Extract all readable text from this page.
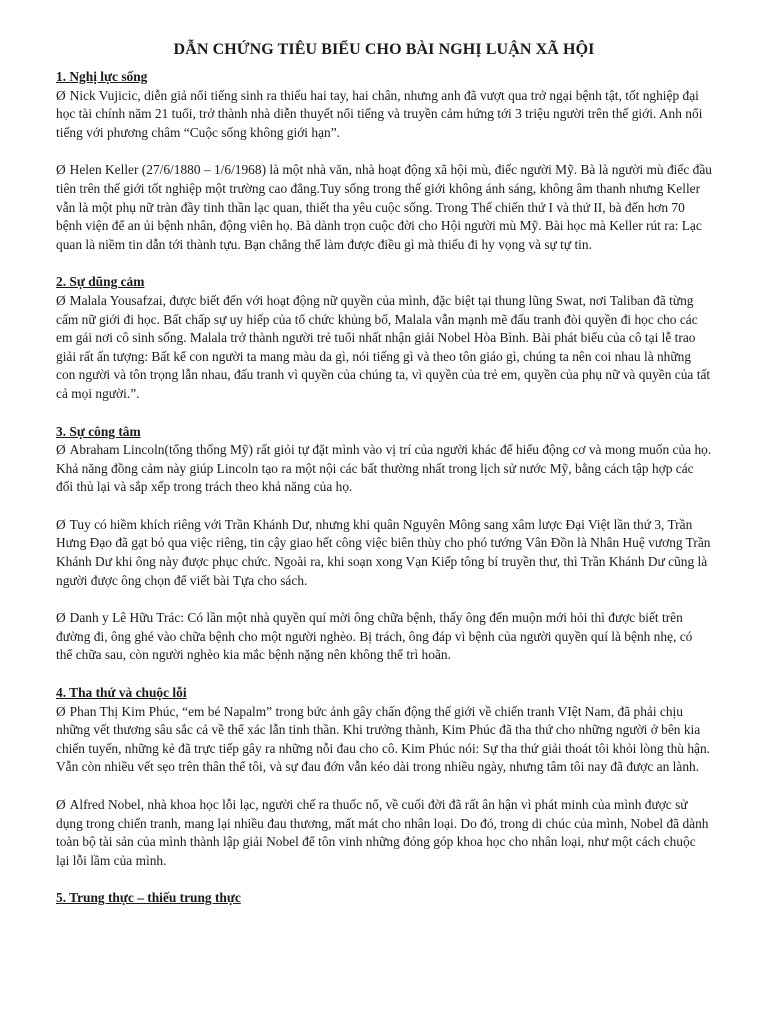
DẪN CHỨNG TIÊU BIỂU CHO BÀI NGHỊ LUẬN XÃ HỘI

1. Nghị lực sống

Ø Nick Vujicic, diễn giả nổi tiếng sinh ra thiếu hai tay, hai chân, nhưng anh đã vượt qua trở ngại bệnh tật, tốt nghiệp đại học tài chính năm 21 tuổi, trở thành nhà diễn thuyết nổi tiếng và truyền cảm hứng tới 3 triệu người trên thế giới. Anh nổi tiếng với phương châm “Cuộc sống không giới hạn”.

Ø Helen Keller (27/6/1880 – 1/6/1968) là một nhà văn, nhà hoạt động xã hội mù, điếc người Mỹ. Bà là người mù điếc đầu tiên trên thế giới tốt nghiệp một trường cao đẳng.Tuy sống trong thế giới không ánh sáng, không âm thanh nhưng Keller vẫn là một phụ nữ tràn đầy tinh thần lạc quan, thiết tha yêu cuộc sống. Trong Thế chiến thứ I và thứ II, bà đến hơn 70 bệnh viện để an ủi bệnh nhân, động viên họ. Bà dành trọn cuộc đời cho Hội người mù Mỹ. Bài học mà Keller rút ra: Lạc quan là niềm tin dẫn tới thành tựu. Bạn chẳng thể làm được điều gì mà thiếu đi hy vọng và sự tự tin.

2. Sự dũng cảm

Ø Malala Yousafzai, được biết đến với hoạt động nữ quyền của mình, đặc biệt tại thung lũng Swat, nơi Taliban đã từng cấm nữ giới đi học. Bất chấp sự uy hiếp của tổ chức khủng bố, Malala vẫn mạnh mẽ đấu tranh đòi quyền đi học cho các em gái nơi cô sinh sống. Malala trở thành người trẻ tuổi nhất nhận giải Nobel Hòa Bình. Bài phát biểu của cô tại lễ trao giải rất ấn tượng: Bất kể con người ta mang màu da gì, nói tiếng gì và theo tôn giáo gì, chúng ta nên coi nhau là những con người và tôn trọng lẫn nhau, đấu tranh vì quyền của chúng ta, vì quyền của trẻ em, quyền của phụ nữ và quyền của tất cả mọi người.”.

3. Sự công tâm

Ø Abraham Lincoln(tổng thống Mỹ) rất giỏi tự đặt mình vào vị trí của người khác để hiểu động cơ và mong muốn của họ. Khả năng đồng cảm này giúp Lincoln tạo ra một nội các bất thường nhất trong lịch sử nước Mỹ, bằng cách tập hợp các đối thủ lại và sắp xếp trong trách theo khả năng của họ.

Ø Tuy có hiềm khích riêng với Trần Khánh Dư, nhưng khi quân Nguyên Mông sang xâm lược Đại Việt lần thứ 3, Trần Hưng Đạo đã gạt bỏ qua việc riêng, tin cậy giao hết công việc biên thùy cho phó tướng Vân Đồn là Nhân Huệ vương Trần Khánh Dư khi ông này được phục chức. Ngoài ra, khi soạn xong Vạn Kiếp tông bí truyền thư, thì Trần Khánh Dư cũng là người được ông chọn để viết bài Tựa cho sách.

Ø Danh y Lê Hữu Trác: Có lần một nhà quyền quí mời ông chữa bệnh, thấy ông đến muộn mới hỏi thì được biết trên đường đi, ông ghé vào chữa bệnh cho một người nghèo. Bị trách, ông đáp vì bệnh của người quyền quí là bệnh nhẹ, có thể chữa sau, còn người nghèo kia mắc bệnh nặng nên không thể trì hoãn.

4. Tha thứ và chuộc lỗi

Ø Phan Thị Kim Phúc, “em bé Napalm” trong bức ảnh gây chấn động thế giới về chiến tranh VIệt Nam, đã phải chịu những vết thương sâu sắc cả về thể xác lẫn tinh thần. Khi trưởng thành, Kim Phúc đã tha thứ cho những người ở bên kia chiến tuyến, những kẻ đã trực tiếp gây ra những nỗi đau cho cô. Kim Phúc nói: Sự tha thứ giải thoát tôi khỏi lòng thù hận. Vẫn còn nhiều vết sẹo trên thân thể tôi, và sự đau đớn vẫn kéo dài trong nhiều ngày, nhưng tâm tôi nay đã được an lành.

Ø Alfred Nobel, nhà khoa học lỗi lạc, người chế ra thuốc nổ, về cuối đời đã rất ân hận vì phát minh của mình được sử dụng trong chiến tranh, mang lại nhiều đau thương, mất mát cho nhân loại. Do đó, trong di chúc của mình, Nobel đã dành toàn bộ tài sản của mình thành lập giải Nobel để tôn vinh những đóng góp khoa học cho nhân loại, như một cách chuộc lại lỗi lầm của mình.

5. Trung thực – thiếu trung thực
